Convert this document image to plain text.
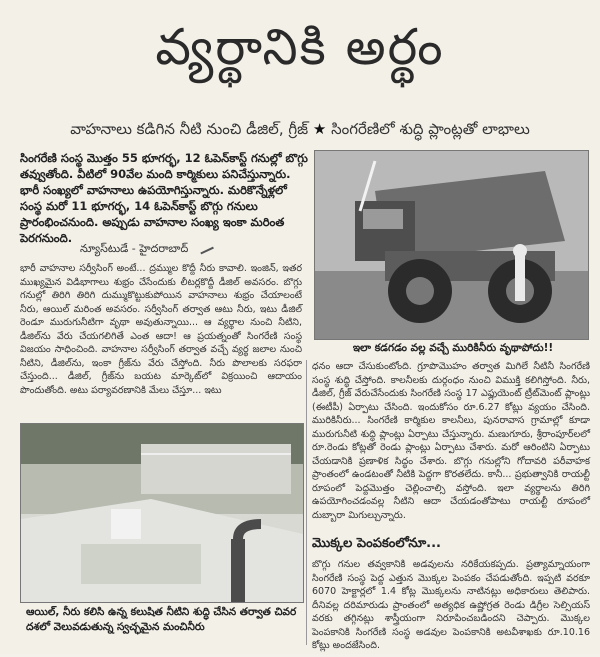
వ్యర్థానికి అర్థం
వాహనాలు కడిగిన నీటి నుంచి డీజిల్, గ్రీజ్ ★ సింగరేణిలో శుద్ధి ప్లాంట్లతో లాభాలు
సింగరేణి సంస్థ మొత్తం 55 భూగర్భ, 12 ఓపెన్‌కాస్ట్ గనుల్లో బొగ్గు తవ్వుతోంది. వీటిలో 90వేల మంది కార్మికులు పనిచేస్తున్నారు. భారీ సంఖ్యలో వాహనాలు ఉపయోగిస్తున్నారు. మరికొన్నేళ్లలో సంస్థ మరో 11 భూగర్భ, 14 ఓపెన్‌కాస్ట్ బొగ్గు గనులు ప్రారంభించనుంది. అప్పుడు వాహనాల సంఖ్య ఇంకా మరింత పెరగనుంది.
న్యూస్‌టుడే - హైదరాబాద్

భారీ వాహనాల సర్వీసింగ్ అంటే... ద్రమ్ముల కొద్దీ నీరు కావాలి. ఇంజిన్, ఇతర ముఖ్యమైన విడిభాగాలు శుభ్రం చేసేందుకు లీటర్లకొద్దీ డీజిల్ అవసరం. బొగ్గు గనుల్లో తిరిగి తిరిగి దుమ్ముకొట్టుకుపోయిన వాహనాలు శుభ్రం చేయాలంటే నీరు, ఆయిల్ మరింత అవసరం. సర్వీసింగ్ తర్వాత ఆటు నీరు, ఇటు డీజిల్ రెండూ మురుగునీటిగా వృథా అవుతున్నాయి... ఆ వ్యర్థాల నుంచి నీటిని, డీజిల్‌ను వేరు చేయగలిగితే ఎంత ఆదా! ఆ ప్రయత్నంతో సింగరేణి సంస్థ విజయం సాధించింది. వాహనాల సర్వీసింగ్ తర్వాత వచ్చే వ్యర్థ జలాల నుంచి నీటిని, డీజిల్‌ను, ఇంకా గ్రీజ్‌ను వేరు చేస్తోంది. నీరు పొలాలకు సరఫరా చేస్తుంది... డీజిల్, గ్రీజ్‌ను బయట మార్కెట్‌లో విక్రయించి ఆదాయం పొందుతోంది. అటు పర్యావరణానికి మేలు చేస్తూ... ఇటు

ఇలా కడగడం వల్ల వచ్చే మురికినీరు వృథాపోదు!!

ధనం ఆదా చేసుకుంటోంది. గ్రూపొమొహం తర్వాత మిగిలే నీటినీ సింగరేణి సంస్థ శుద్ధి చేస్తోంది. కాలనీలకు దుర్గంధం నుంచి విముక్తి కలిగిస్తోంది. నీరు, డీజిల్, గ్రీజ్ వేరుచేసేందుకు సింగరేణి సంస్థ 17 ఎఫ్లుయెంట్ ట్రీట్‌మెంట్ ప్లాంట్లు (ఈటీపీ) ఏర్పాటు చేసింది. ఇందుకోసం రూ.6.27 కోట్లు వ్యయం చేసింది. మురికినీరు... సింగరేణి కార్మికుల కాలనీలు, పునరావాస గ్రామాల్లో కూడా మురుగునీటి శుద్ధి ప్లాంట్లు ఏర్పాటు చేస్తున్నారు. మణుగూరు, శ్రీరాంపూర్‌లలో రూ.రెండు కోట్లతో రెండు ప్లాంట్లు ఏర్పాటు చేశారు. మరో ఆరింటిని ఏర్పాటు చేయడానికి ప్రణాళిక సిద్ధం చేశారు. బొగ్గు గనుల్లోని గోదావరి పరీవాహక ప్రాంతంలో ఉండటంతో నీటికి పెద్దగా కొరతలేదు. కానీ... ప్రభుత్వానికి రాయల్టీ రూపంలో పెద్దమొత్తం చెల్లించాల్సి వస్తోంది. ఇలా వ్యర్థాలను తిరిగి ఉపయోగించడంవల్ల నీటిని ఆదా చేయడంతోపాటు రాయల్టీ రూపంలో దుబ్బారా మిగుల్చున్నారు.

మొక్కల పెంపకంలోనూ...

బొగ్గు గనుల తవ్వకానికి అడవులను నరికేయకప్పదు. ప్రత్యామ్నాయంగా సింగరేణి సంస్థ పెద్ద ఎత్తున మొక్కల పెంపకం చేపడుతోంది. ఇప్పటి వరకూ 6070 హెక్టార్లలో 1.4 కోట్ల మొక్కలను నాటినట్లు అధికారులు తెలిపారు. దీనివల్ల దరిమారుడు ప్రాంతంలో అత్యధిక ఉష్ణోగ్రత రెండు డిగ్రీల సెల్సియస్ వరకు తగ్గినట్లు శాస్త్రీయంగా నిరూపించబడిందని చెప్పారు. మొక్కల పెంపకానికి సింగరేణి సంస్థ అడవుల పెంపకానికి అటవీశాఖకు రూ.10.16 కోట్లు అందజేసింది.

ఆయిల్, నీరు కలిసి ఉన్న కలుషిత నీటిని శుద్ధి చేసిన తర్వాత చివర దశలో వెలువడుతున్న స్వచ్ఛమైన మంచినీరు
